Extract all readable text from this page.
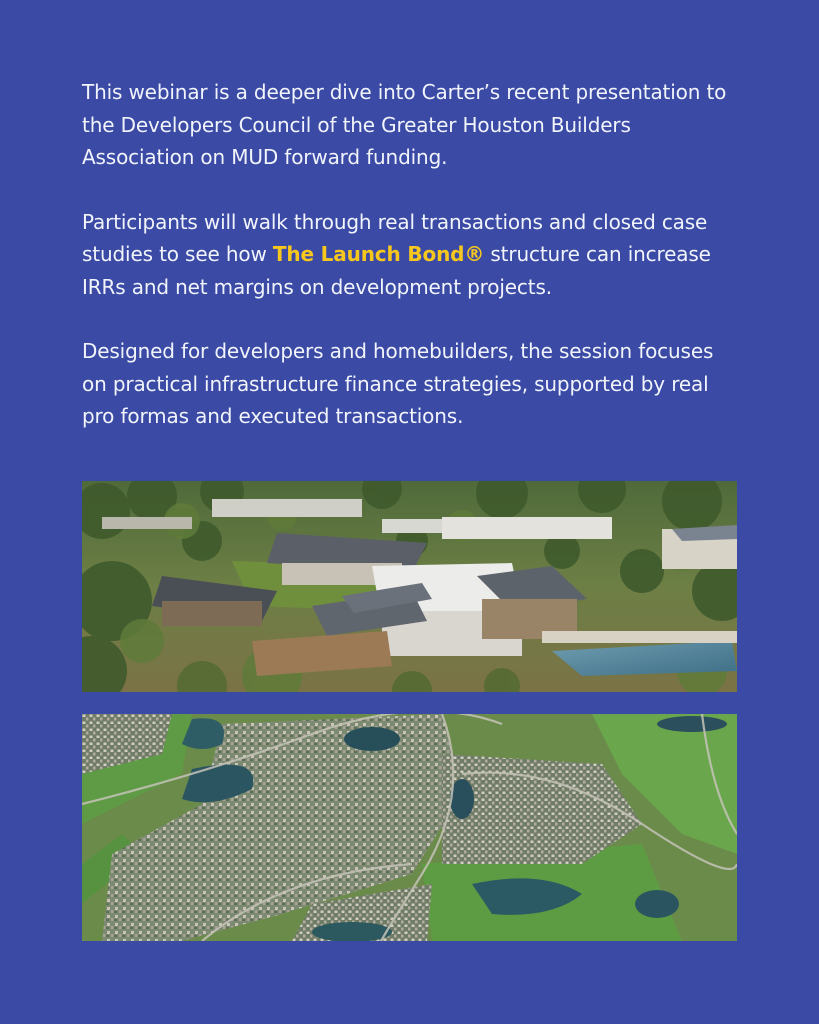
This webinar is a deeper dive into Carter’s recent presentation to the Developers Council of the Greater Houston Builders Association on MUD forward funding.

Participants will walk through real transactions and closed case studies to see how The Launch Bond® structure can increase IRRs and net margins on development projects.

Designed for developers and homebuilders, the session focuses on practical infrastructure finance strategies, supported by real pro formas and executed transactions.
